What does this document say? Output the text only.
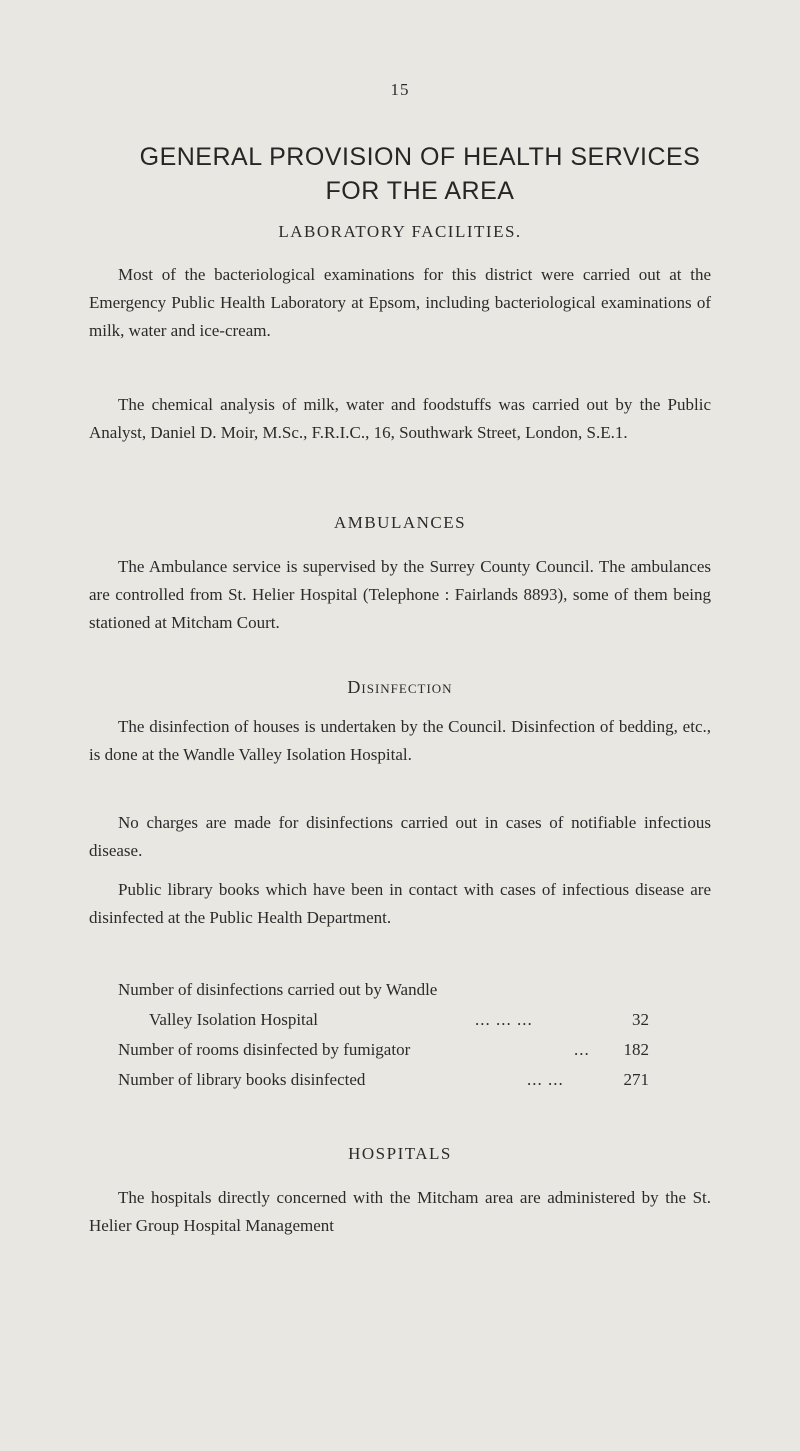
15
GENERAL PROVISION OF HEALTH SERVICES FOR THE AREA
LABORATORY FACILITIES.

Most of the bacteriological examinations for this district were carried out at the Emergency Public Health Laboratory at Epsom, including bacteriological examinations of milk, water and ice-cream.

The chemical analysis of milk, water and foodstuffs was carried out by the Public Analyst, Daniel D. Moir, M.Sc., F.R.I.C., 16, Southwark Street, London, S.E.1.

AMBULANCES

The Ambulance service is supervised by the Surrey County Council. The ambulances are controlled from St. Helier Hospital (Telephone : Fairlands 8893), some of them being stationed at Mitcham Court.

Disinfection

The disinfection of houses is undertaken by the Council. Disinfection of bedding, etc., is done at the Wandle Valley Isolation Hospital.

No charges are made for disinfections carried out in cases of notifiable infectious disease.

Public library books which have been in contact with cases of infectious disease are disinfected at the Public Health Department.

Number of disinfections carried out by Wandle
Valley Isolation Hospital	... ... ...	32
Number of rooms disinfected by fumigator	... 182
Number of library books disinfected	... ...	271
HOSPITALS

The hospitals directly concerned with the Mitcham area are administered by the St. Helier Group Hospital Management
